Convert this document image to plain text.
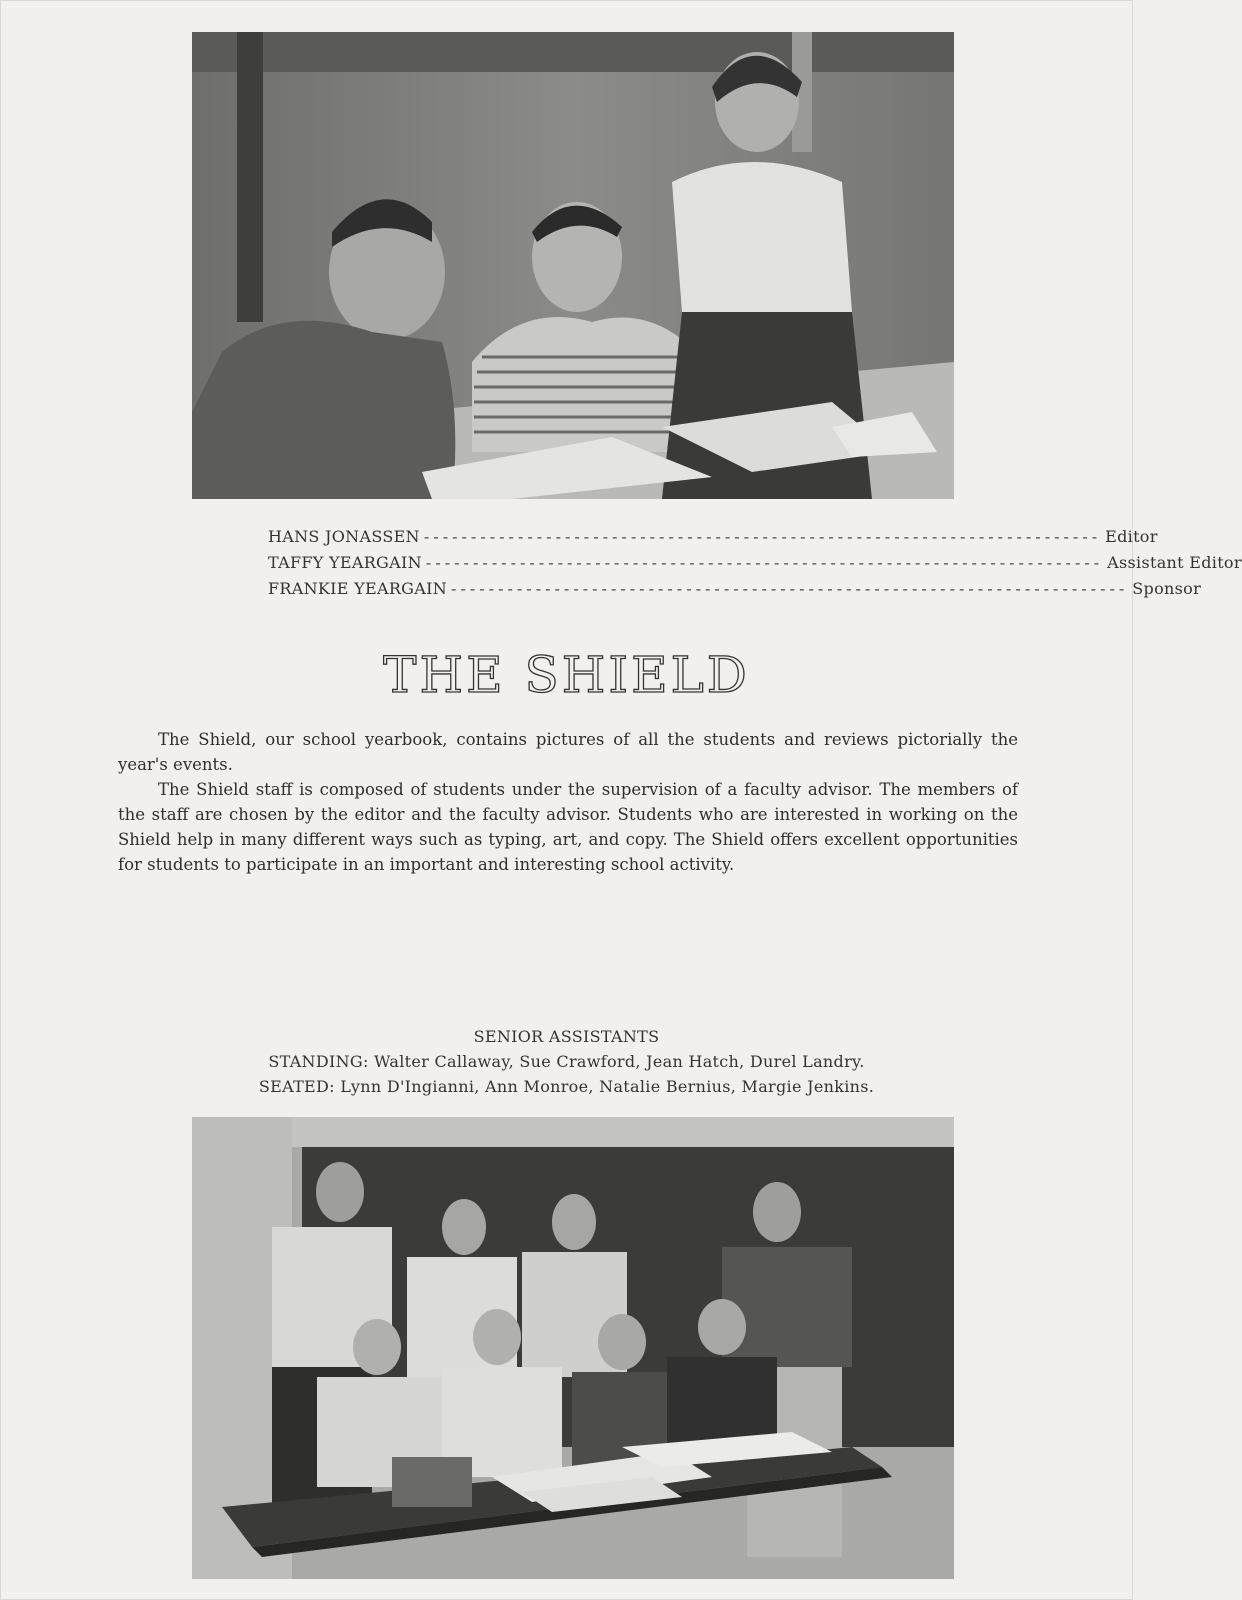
HANS JONASSEN ------------------------------------------------------------------------ Editor
TAFFY YEARGAIN ------------------------------------------------------------------------ Assistant Editor
FRANKIE YEARGAIN ------------------------------------------------------------------------ Sponsor
THE SHIELD

The Shield, our school yearbook, contains pictures of all the students and reviews pictorially the year's events.

The Shield staff is composed of students under the supervision of a faculty advisor. The members of the staff are chosen by the editor and the faculty advisor. Students who are interested in working on the Shield help in many different ways such as typing, art, and copy. The Shield offers excellent opportunities for students to participate in an important and interesting school activity.

SENIOR ASSISTANTS
STANDING: Walter Callaway, Sue Crawford, Jean Hatch, Durel Landry.
SEATED: Lynn D'Ingianni, Ann Monroe, Natalie Bernius, Margie Jenkins.
